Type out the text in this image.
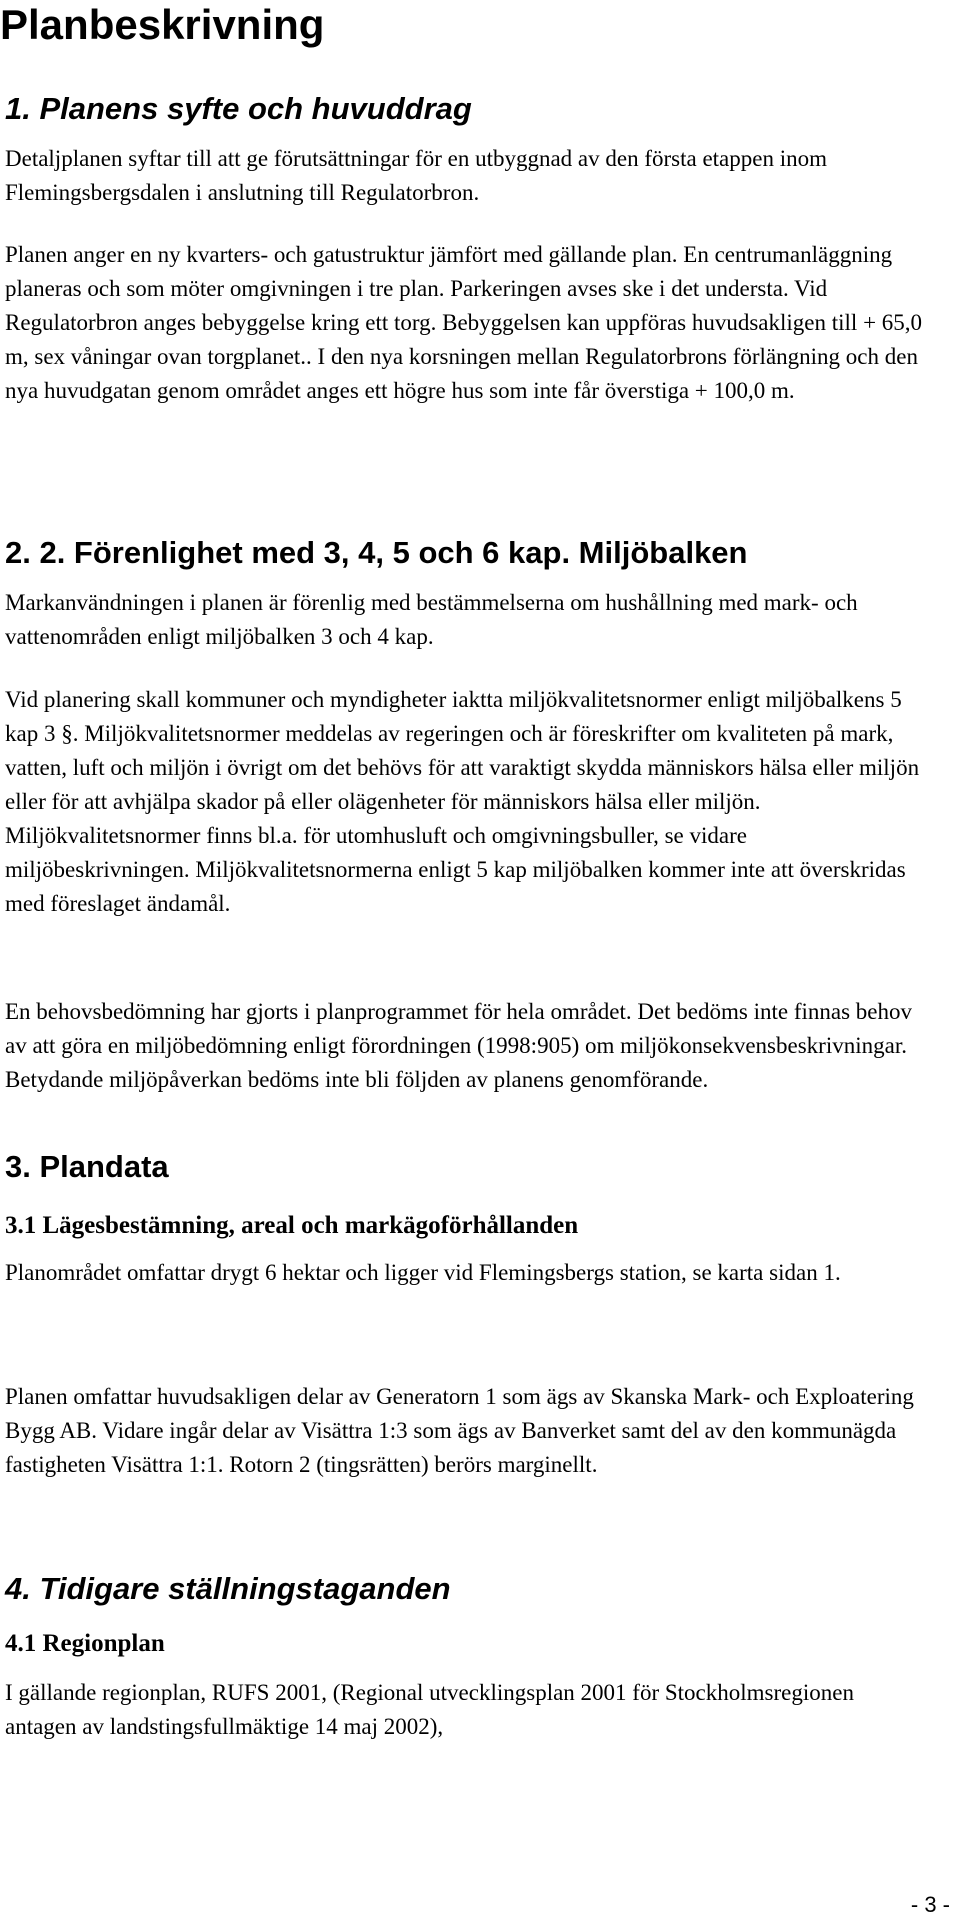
Planbeskrivning
1. Planens syfte och huvuddrag

Detaljplanen syftar till att ge förutsättningar för en utbyggnad av den första etappen inom Flemingsbergsdalen i anslutning till Regulatorbron.

Planen anger en ny kvarters- och gatustruktur jämfört med gällande plan. En centrumanläggning planeras och som möter omgivningen i tre plan. Parkeringen avses ske i det understa. Vid Regulatorbron anges bebyggelse kring ett torg. Bebyggelsen kan uppföras huvudsakligen till + 65,0 m, sex våningar ovan torgplanet.. I den nya korsningen mellan Regulatorbrons förlängning och den nya huvudgatan genom området anges ett högre hus som inte får överstiga + 100,0 m.

2. 2. Förenlighet med 3, 4, 5 och 6 kap. Miljöbalken

Markanvändningen i planen är förenlig med bestämmelserna om hushållning med mark- och vattenområden enligt miljöbalken 3 och 4 kap.

Vid planering skall kommuner och myndigheter iaktta miljökvalitetsnormer enligt miljöbalkens 5 kap 3 §. Miljökvalitetsnormer meddelas av regeringen och är föreskrifter om kvaliteten på mark, vatten, luft och miljön i övrigt om det behövs för att varaktigt skydda människors hälsa eller miljön eller för att avhjälpa skador på eller olägenheter för människors hälsa eller miljön. Miljökvalitetsnormer finns bl.a. för utomhusluft och omgivningsbuller, se vidare miljöbeskrivningen. Miljökvalitetsnormerna enligt 5 kap miljöbalken kommer inte att överskridas med föreslaget ändamål.

En behovsbedömning har gjorts i planprogrammet för hela området. Det bedöms inte finnas behov av att göra en miljöbedömning enligt förordningen (1998:905) om miljökonsekvensbeskrivningar. Betydande miljöpåverkan bedöms inte bli följden av planens genomförande.

3. Plandata
3.1 Lägesbestämning, areal och markägoförhållanden

Planområdet omfattar drygt 6 hektar och ligger vid Flemingsbergs station, se karta sidan 1.

Planen omfattar huvudsakligen delar av Generatorn 1 som ägs av Skanska Mark- och Exploatering Bygg AB. Vidare ingår delar av Visättra 1:3 som ägs av Banverket samt del av den kommunägda fastigheten Visättra 1:1. Rotorn 2 (tingsrätten) berörs marginellt.

4. Tidigare ställningstaganden
4.1 Regionplan

I gällande regionplan, RUFS 2001, (Regional utvecklingsplan 2001 för Stockholmsregionen antagen av landstingsfullmäktige 14 maj 2002),

- 3 -
